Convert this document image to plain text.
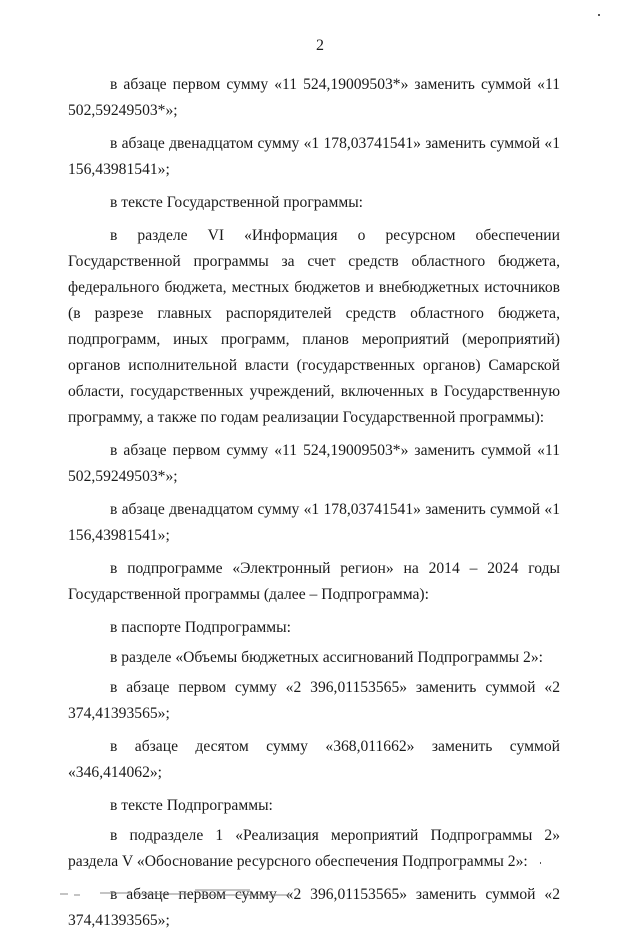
2

в абзаце первом сумму «11 524,19009503*» заменить суммой «11 502,59249503*»;

в абзаце двенадцатом сумму «1 178,03741541» заменить суммой «1 156,43981541»;

в тексте Государственной программы:

в разделе VI «Информация о ресурсном обеспечении Государственной программы за счет средств областного бюджета, федерального бюджета, местных бюджетов и внебюджетных источников (в разрезе главных распорядителей средств областного бюджета, подпрограмм, иных программ, планов мероприятий (мероприятий) органов исполнительной власти (государственных органов) Самарской области, государственных учреждений, включенных в Государственную программу, а также по годам реализации Государственной программы):

в абзаце первом сумму «11 524,19009503*» заменить суммой «11 502,59249503*»;

в абзаце двенадцатом сумму «1 178,03741541» заменить суммой «1 156,43981541»;

в подпрограмме «Электронный регион» на 2014 – 2024 годы Государственной программы (далее – Подпрограмма):

в паспорте Подпрограммы:

в разделе «Объемы бюджетных ассигнований Подпрограммы 2»:

в абзаце первом сумму «2 396,01153565» заменить суммой «2 374,41393565»;

в абзаце десятом сумму «368,011662» заменить суммой «346,414062»;

в тексте Подпрограммы:

в подразделе 1 «Реализация мероприятий Подпрограммы 2» раздела V «Обоснование ресурсного обеспечения Подпрограммы 2»:

в абзаце первом сумму «2 396,01153565» заменить суммой «2 374,41393565»;
